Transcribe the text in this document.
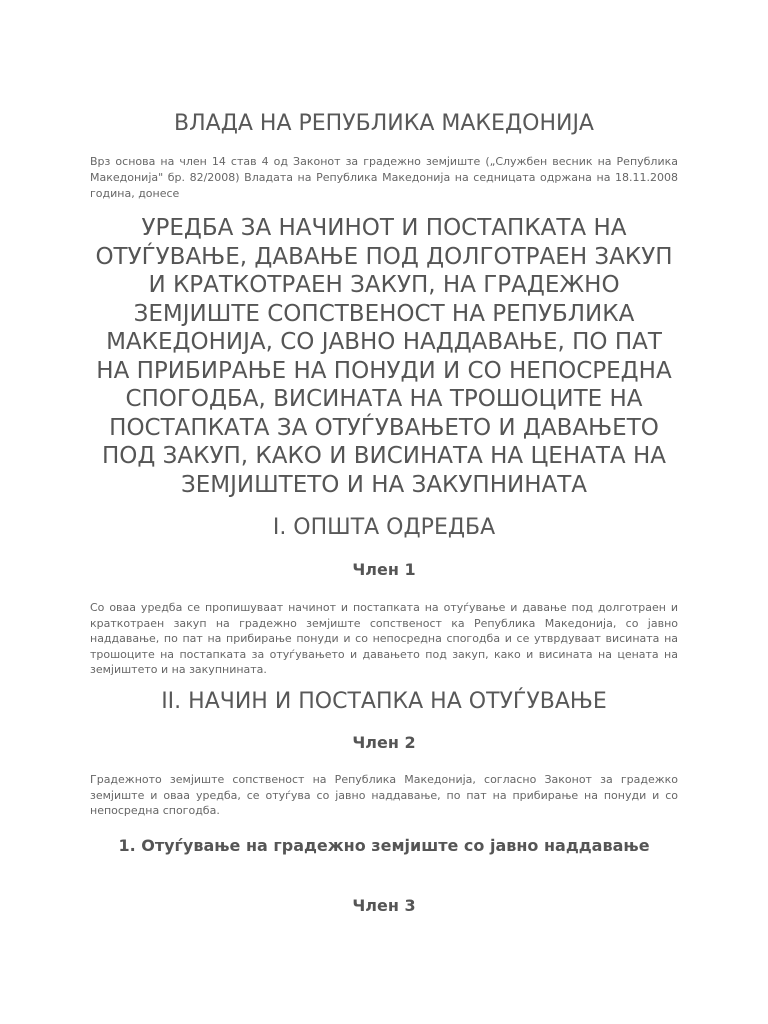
ВЛАДА НА РЕПУБЛИКА МАКЕДОНИЈА
Врз основа на член 14 став 4 од Законот за градежно земјиште („Службен весник на Република Македонија" бр. 82/2008) Владата на Република Македонија на седницата одржана на 18.11.2008 година, донесе
УРЕДБА ЗА НАЧИНОТ И ПОСТАПКАТА НА ОТУЃУВАЊЕ, ДАВАЊЕ ПОД ДОЛГОТРАЕН ЗАКУП И КРАТКОТРАЕН ЗАКУП, НА ГРАДЕЖНО ЗЕМЈИШТЕ СОПСТВЕНОСТ НА РЕПУБЛИКА МАКЕДОНИЈА, СО ЈАВНО НАДДАВАЊЕ, ПО ПАТ НА ПРИБИРАЊЕ НА ПОНУДИ И СО НЕПОСРЕДНА СПОГОДБА, ВИСИНАТА НА ТРОШОЦИТЕ НА ПОСТАПКАТА ЗА ОТУЃУВАЊЕТО И ДАВАЊЕТО ПОД ЗАКУП, КАКО И ВИСИНАТА НА ЦЕНАТА НА ЗЕМЈИШТЕТО И НА ЗАКУПНИНАТА
I. ОПШТА ОДРЕДБА
Член 1
Со оваа уредба се пропишуваат начинот и постапката на отуѓување и давање под долготраен и краткотраен закуп на градежно земјиште сопственост ка Република Македонија, со јавно наддавање, по пат на прибирање понуди и со непосредна спогодба и се утврдуваат висината на трошоците на постапката за отуѓувањето и давањето под закуп, како и висината на цената на земјиштето и на закупнината.
II. НАЧИН И ПОСТАПКА НА ОТУЃУВАЊЕ
Член 2
Градежното земјиште сопственост на Република Македонија, согласно Законот за градежко земјиште и оваа уредба, се отуѓува со јавно наддавање, по пат на прибирање на понуди и со непосредна спогодба.
1. Отуѓување на градежно земјиште со јавно наддавање
Член 3
